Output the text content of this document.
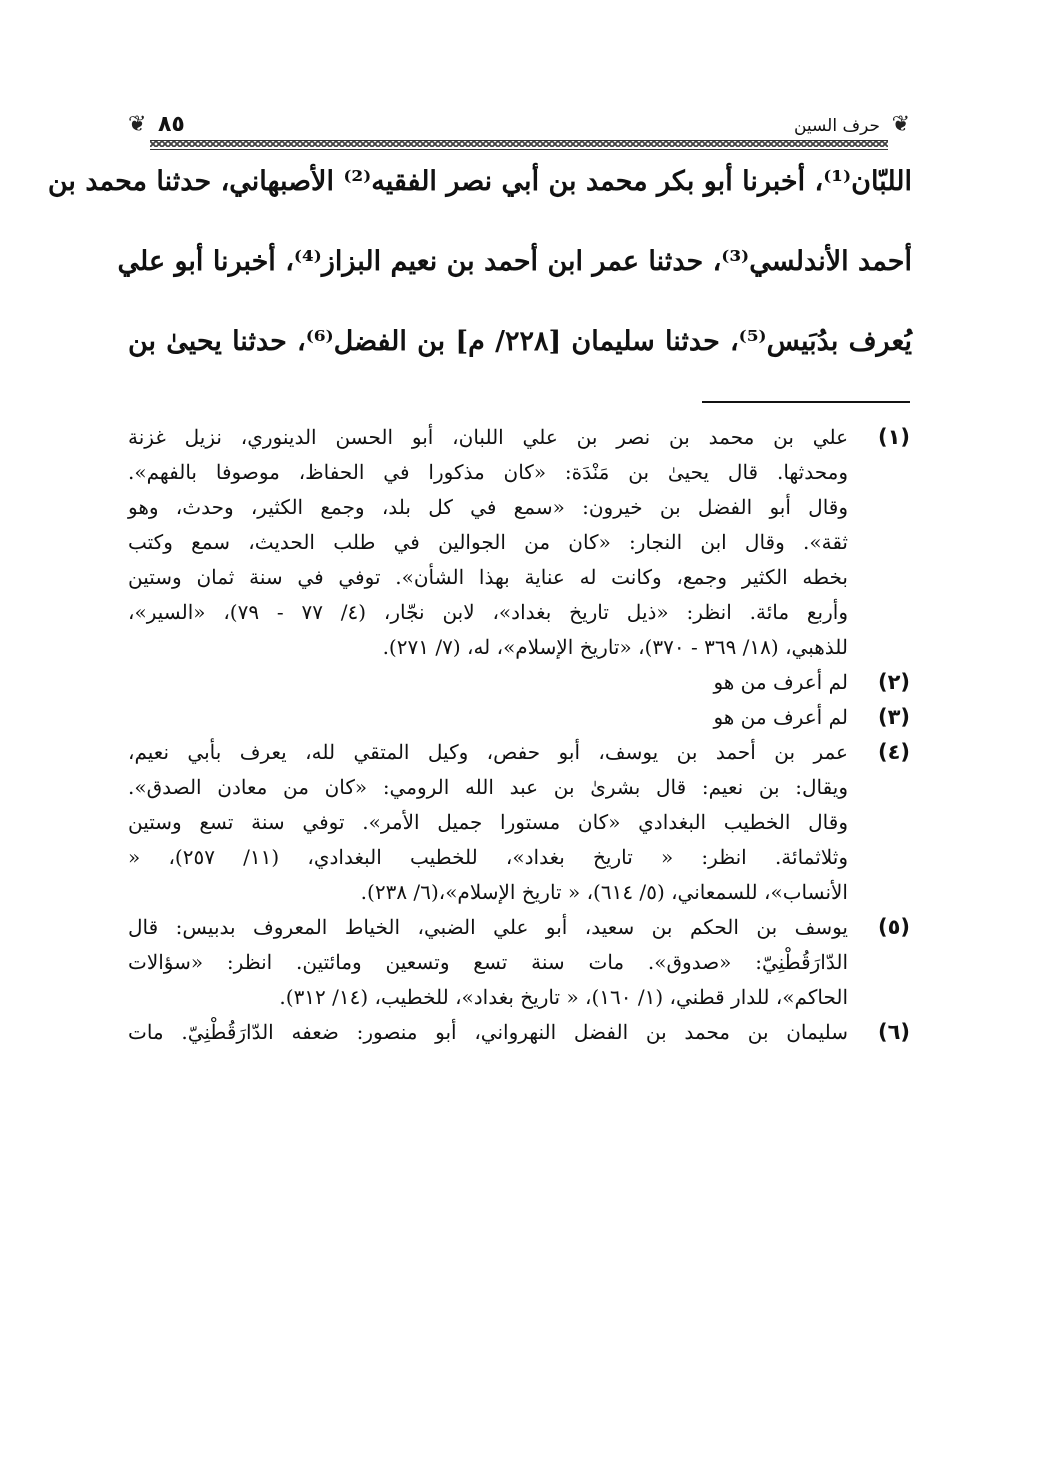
❦
حرف السين
٨٥
❦
اللبّان⁽¹⁾، أخبرنا أبو بكر محمد بن أبي نصر الفقيه⁽²⁾ الأصبهاني، حدثنا محمد بن
أحمد الأندلسي⁽³⁾، حدثنا عمر ابن أحمد بن نعيم البزاز⁽⁴⁾، أخبرنا أبو علي
يُعرف بدُبَيس⁽⁵⁾، حدثنا سليمان [٢٢٨/ م] بن الفضل⁽⁶⁾، حدثنا يحيىٰ بن
(١)
علي بن محمد بن نصر بن علي اللبان، أبو الحسن الدينوري، نزيل غزنة
ومحدثها. قال يحيىٰ بن مَنْدَة: «كان مذكورا في الحفاظ، موصوفا بالفهم».
وقال أبو الفضل بن خيرون: «سمع في كل بلد، وجمع الكثير، وحدث، وهو
ثقة». وقال ابن النجار: «كان من الجوالين في طلب الحديث، سمع وكتب
بخطه الكثير وجمع، وكانت له عناية بهذا الشأن». توفي في سنة ثمان وستين
وأربع مائة. انظر: «ذيل تاريخ بغداد»، لابن نجّار، (٤/ ٧٧ - ٧٩)، «السير»،
للذهبي، (١٨/ ٣٦٩ - ٣٧٠)، «تاريخ الإسلام»، له، (٧/ ٢٧١).
(٢)
لم أعرف من هو
(٣)
لم أعرف من هو
(٤)
عمر بن أحمد بن يوسف، أبو حفص، وكيل المتقي لله، يعرف بأبي نعيم،
ويقال: بن نعيم: قال بشرىٰ بن عبد الله الرومي: «كان من معادن الصدق».
وقال الخطيب البغدادي «كان مستورا جميل الأمر». توفي سنة تسع وستين
وثلاثمائة. انظر: « تاريخ بغداد»، للخطيب البغدادي، (١١/ ٢٥٧)، «
الأنساب»، للسمعاني، (٥/ ٦١٤)، « تاريخ الإسلام»،(٦/ ٢٣٨).
(٥)
يوسف بن الحكم بن سعيد، أبو علي الضبي، الخياط المعروف بدبيس: قال
الدّارَقُطْنِيّ: «صدوق». مات سنة تسع وتسعين ومائتين. انظر: «سؤالات
الحاكم»، للدار قطني، (١/ ١٦٠)، « تاريخ بغداد»، للخطيب، (١٤/ ٣١٢).
(٦)
سليمان بن محمد بن الفضل النهرواني، أبو منصور: ضعفه الدّارَقُطْنِيّ. مات
